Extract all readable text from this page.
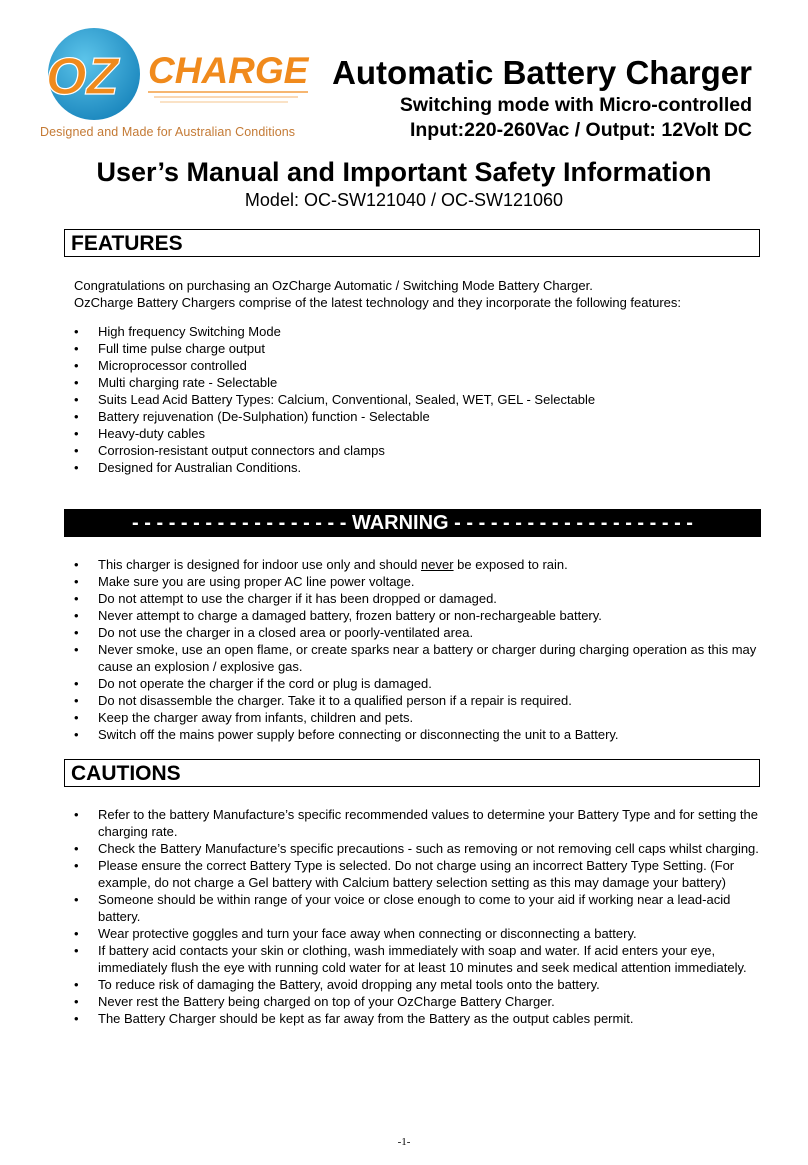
OZ CHARGE
Designed and Made for Australian Conditions
Automatic Battery Charger
Switching mode with Micro-controlled
Input:220-260Vac / Output: 12Volt DC
User’s Manual and Important Safety Information
Model: OC-SW121040 / OC-SW121060
FEATURES
Congratulations on purchasing an OzCharge Automatic / Switching Mode Battery Charger.
OzCharge Battery Chargers comprise of the latest technology and they incorporate the following features:
• High frequency Switching Mode
• Full time pulse charge output
• Microprocessor controlled
• Multi charging rate - Selectable
• Suits Lead Acid Battery Types: Calcium, Conventional, Sealed, WET, GEL - Selectable
• Battery rejuvenation (De-Sulphation) function - Selectable
• Heavy-duty cables
• Corrosion-resistant output connectors and clamps
• Designed for Australian Conditions.
- - - - - - - - - - - - - - - - - - WARNING - - - - - - - - - - - - - - - - - - - -
• This charger is designed for indoor use only and should never be exposed to rain.
• Make sure you are using proper AC line power voltage.
• Do not attempt to use the charger if it has been dropped or damaged.
• Never attempt to charge a damaged battery, frozen battery or non-rechargeable battery.
• Do not use the charger in a closed area or poorly-ventilated area.
• Never smoke, use an open flame, or create sparks near a battery or charger during charging operation as this may cause an explosion / explosive gas.
• Do not operate the charger if the cord or plug is damaged.
• Do not disassemble the charger. Take it to a qualified person if a repair is required.
• Keep the charger away from infants, children and pets.
• Switch off the mains power supply before connecting or disconnecting the unit to a Battery.
CAUTIONS
• Refer to the battery Manufacture’s specific recommended values to determine your Battery Type and for setting the charging rate.
• Check the Battery Manufacture’s specific precautions - such as removing or not removing cell caps whilst charging.
• Please ensure the correct Battery Type is selected. Do not charge using an incorrect Battery Type Setting. (For example, do not charge a Gel battery with Calcium battery selection setting as this may damage your battery)
• Someone should be within range of your voice or close enough to come to your aid if working near a lead-acid battery.
• Wear protective goggles and turn your face away when connecting or disconnecting a battery.
• If battery acid contacts your skin or clothing, wash immediately with soap and water. If acid enters your eye, immediately flush the eye with running cold water for at least 10 minutes and seek medical attention immediately.
• To reduce risk of damaging the Battery, avoid dropping any metal tools onto the battery.
• Never rest the Battery being charged on top of your OzCharge Battery Charger.
• The Battery Charger should be kept as far away from the Battery as the output cables permit.
-1-
